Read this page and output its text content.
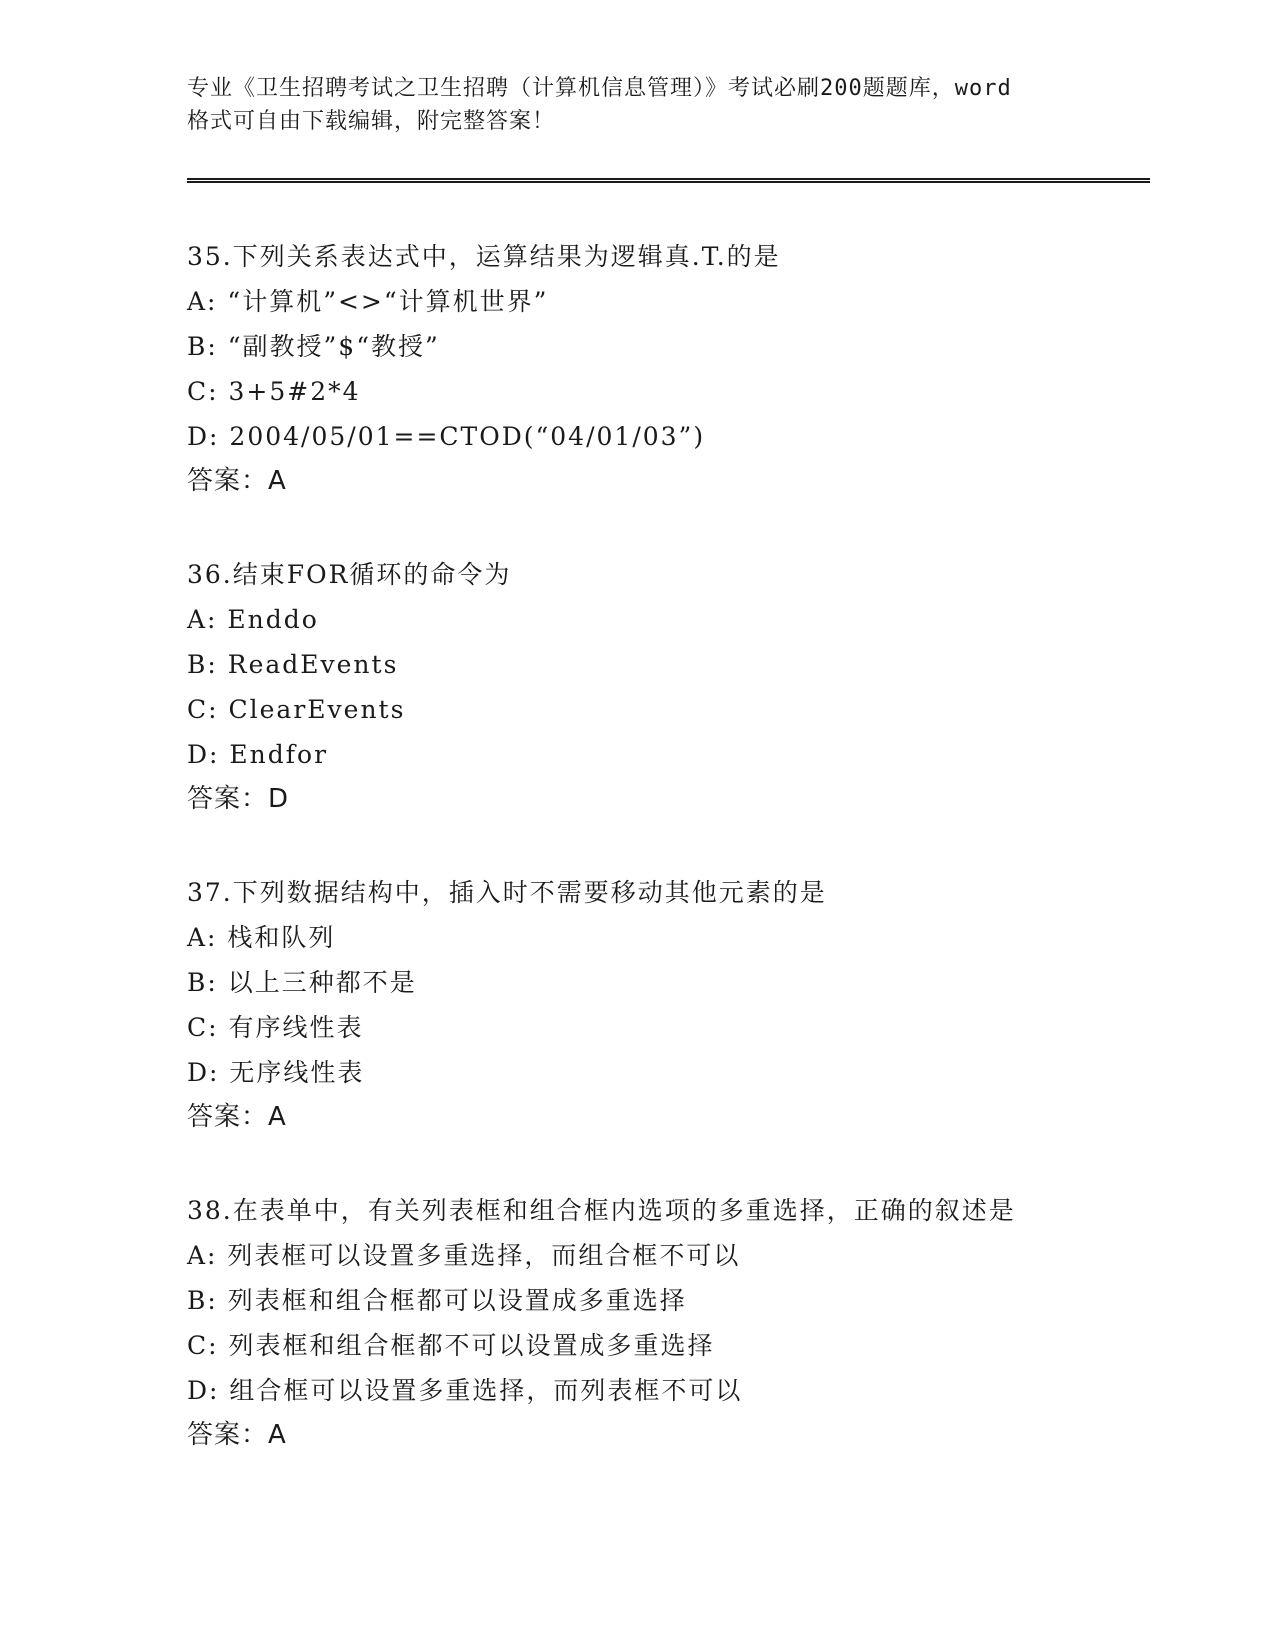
专业《卫生招聘考试之卫生招聘（计算机信息管理）》考试必刷200题题库，word
格式可自由下载编辑，附完整答案！
35.下列关系表达式中，运算结果为逻辑真.T.的是
A: “计算机”<>“计算机世界”
B: “副教授”$“教授”
C: 3+5#2*4
D: 2004/05/01==CTOD(“04/01/03”)
答案：A
36.结束FOR循环的命令为
A: Enddo
B: ReadEvents
C: ClearEvents
D: Endfor
答案：D
37.下列数据结构中，插入时不需要移动其他元素的是
A: 栈和队列
B: 以上三种都不是
C: 有序线性表
D: 无序线性表
答案：A
38.在表单中，有关列表框和组合框内选项的多重选择，正确的叙述是
A: 列表框可以设置多重选择，而组合框不可以
B: 列表框和组合框都可以设置成多重选择
C: 列表框和组合框都不可以设置成多重选择
D: 组合框可以设置多重选择，而列表框不可以
答案：A
